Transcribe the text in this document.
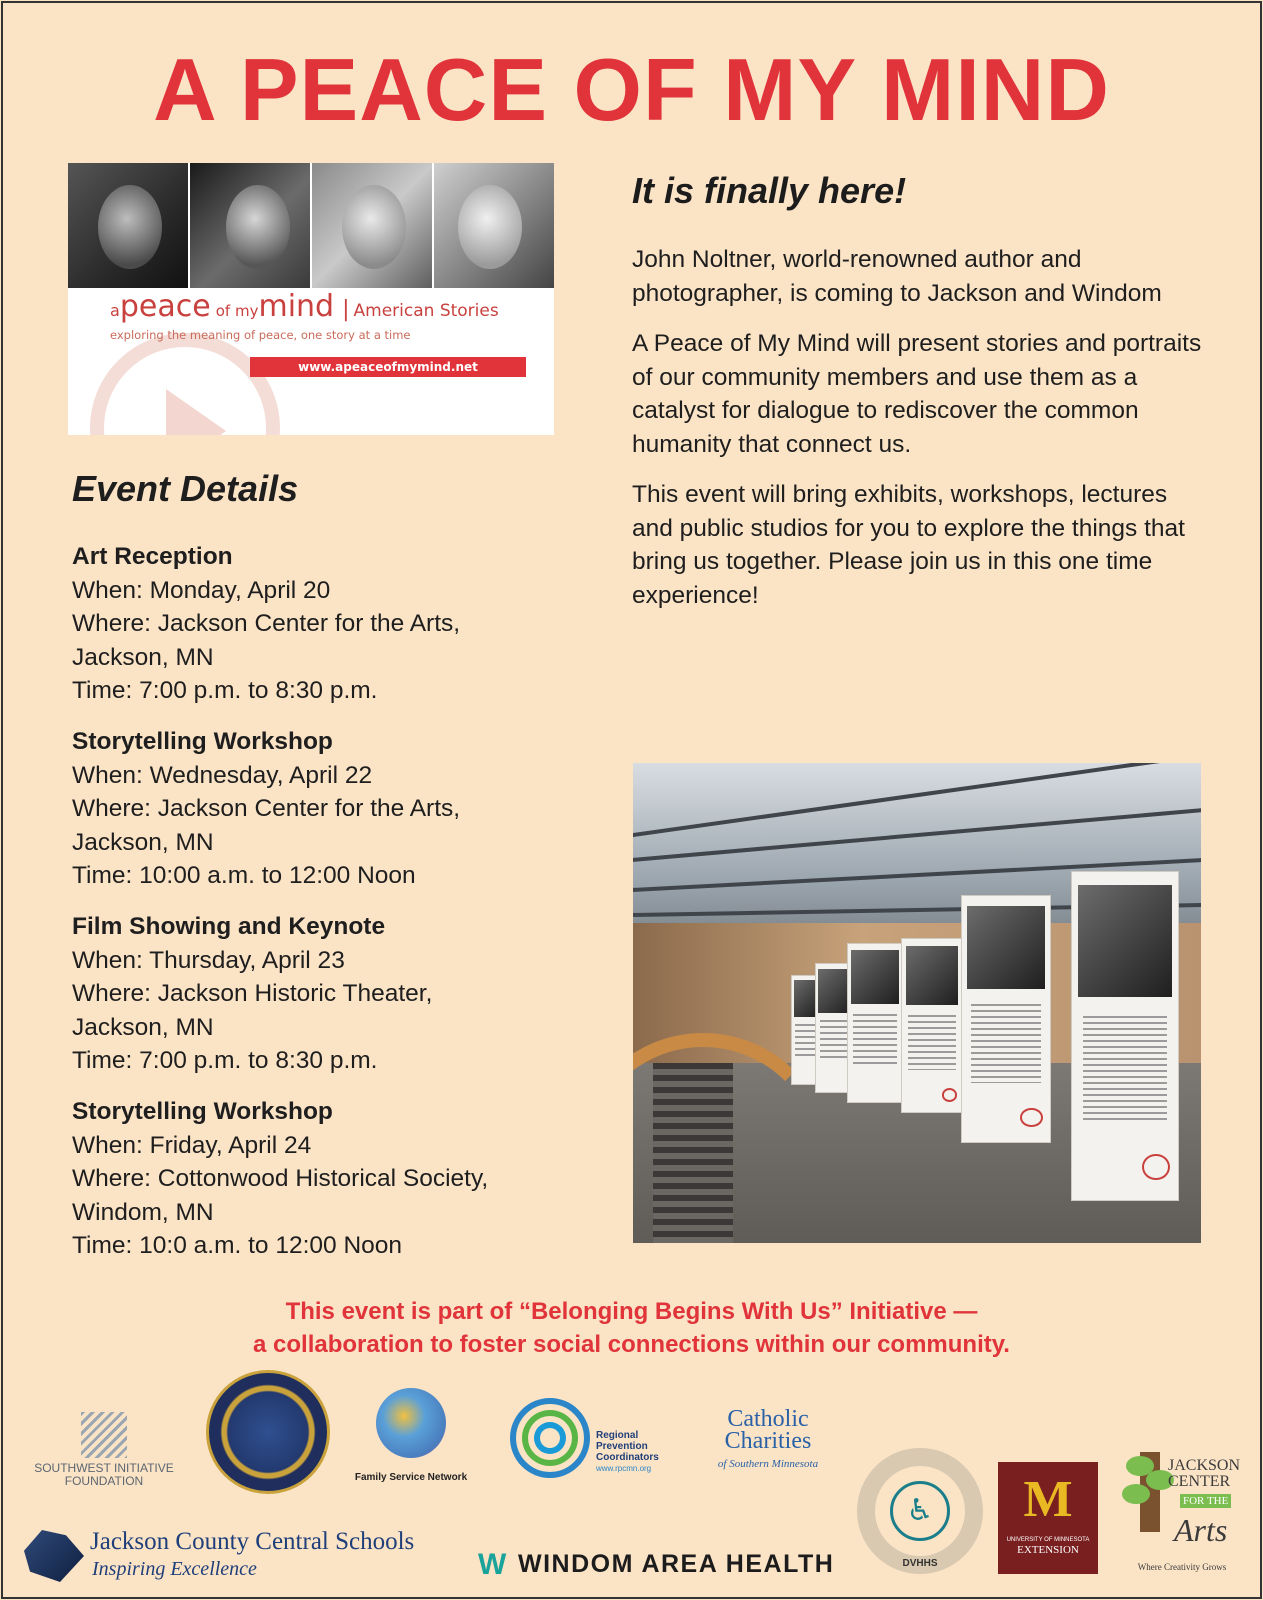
A PEACE OF MY MIND
apeace of mymind | American Stories
exploring the meaning of peace, one story at a time
www.apeaceofmymind.net
It is finally here!

John Noltner, world-renowned author and photographer, is coming to Jackson and Windom

A Peace of My Mind will present stories and portraits of our community members and use them as a catalyst for dialogue to rediscover the common humanity that connect us.

This event will bring exhibits, workshops, lectures and public studios for you to explore the things that bring us together. Please join us in this one time experience!

Event Details
Art Reception
When: Monday, April 20
Where: Jackson Center for the Arts,
Jackson, MN
Time: 7:00 p.m. to 8:30 p.m.
Storytelling Workshop
When: Wednesday, April 22
Where: Jackson Center for the Arts,
Jackson, MN
Time: 10:00 a.m. to 12:00 Noon
Film Showing and Keynote
When: Thursday, April 23
Where: Jackson Historic Theater,
Jackson, MN
Time: 7:00 p.m. to 8:30 p.m.
Storytelling Workshop
When: Friday, April 24
Where: Cottonwood Historical Society,
Windom, MN
Time: 10:0 a.m. to 12:00 Noon
This event is part of “Belonging Begins With Us” Initiative —
a collaboration to foster social connections within our community.
SOUTHWEST INITIATIVE FOUNDATION	Family Service Network
Regional Prevention Coordinators
www.rpcmn.org
Catholic
Charities
of Southern Minnesota
♿
DVHHS
M
UNIVERSITY OF MINNESOTA
EXTENSION
JACKSON
CENTER
FOR THE
Arts
Where Creativity Grows
Jackson County Central Schools
Inspiring Excellence	W WINDOM AREA HEALTH
